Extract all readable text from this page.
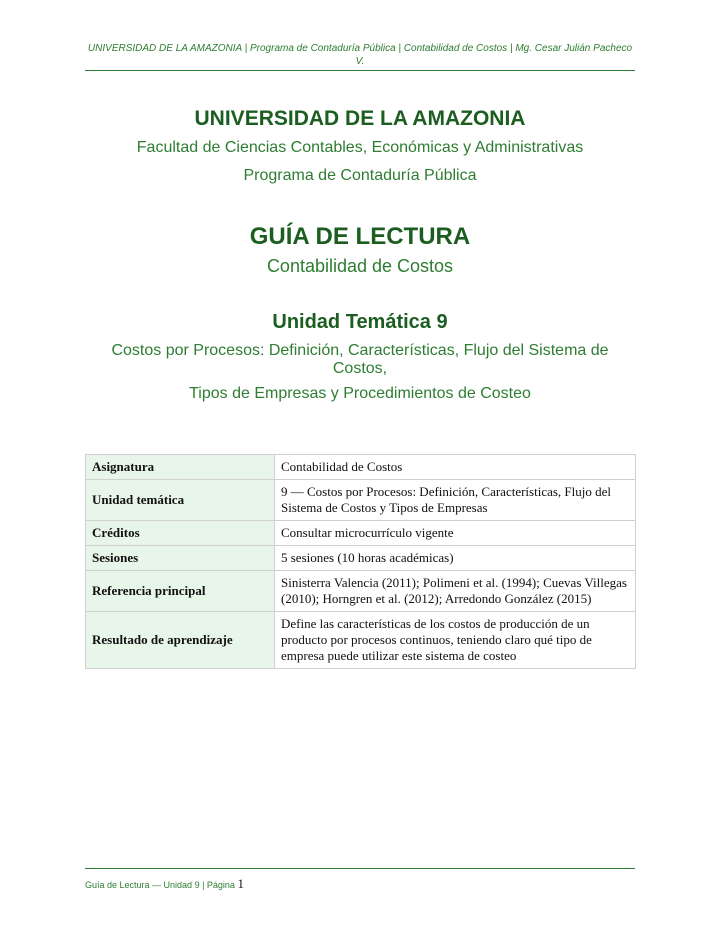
UNIVERSIDAD DE LA AMAZONIA | Programa de Contaduría Pública | Contabilidad de Costos | Mg. Cesar Julián Pacheco V.
UNIVERSIDAD DE LA AMAZONIA
Facultad de Ciencias Contables, Económicas y Administrativas
Programa de Contaduría Pública
GUÍA DE LECTURA
Contabilidad de Costos
Unidad Temática 9
Costos por Procesos: Definición, Características, Flujo del Sistema de Costos,
Tipos de Empresas y Procedimientos de Costeo
Asignatura	Contabilidad de Costos
Unidad temática	9 — Costos por Procesos: Definición, Características, Flujo del Sistema de Costos y Tipos de Empresas
Créditos	Consultar microcurrículo vigente
Sesiones	5 sesiones (10 horas académicas)
Referencia principal	Sinisterra Valencia (2011); Polimeni et al. (1994); Cuevas Villegas (2010); Horngren et al. (2012); Arredondo González (2015)
Resultado de aprendizaje	Define las características de los costos de producción de un producto por procesos continuos, teniendo claro qué tipo de empresa puede utilizar este sistema de costeo
Guía de Lectura — Unidad 9 | Página 1
